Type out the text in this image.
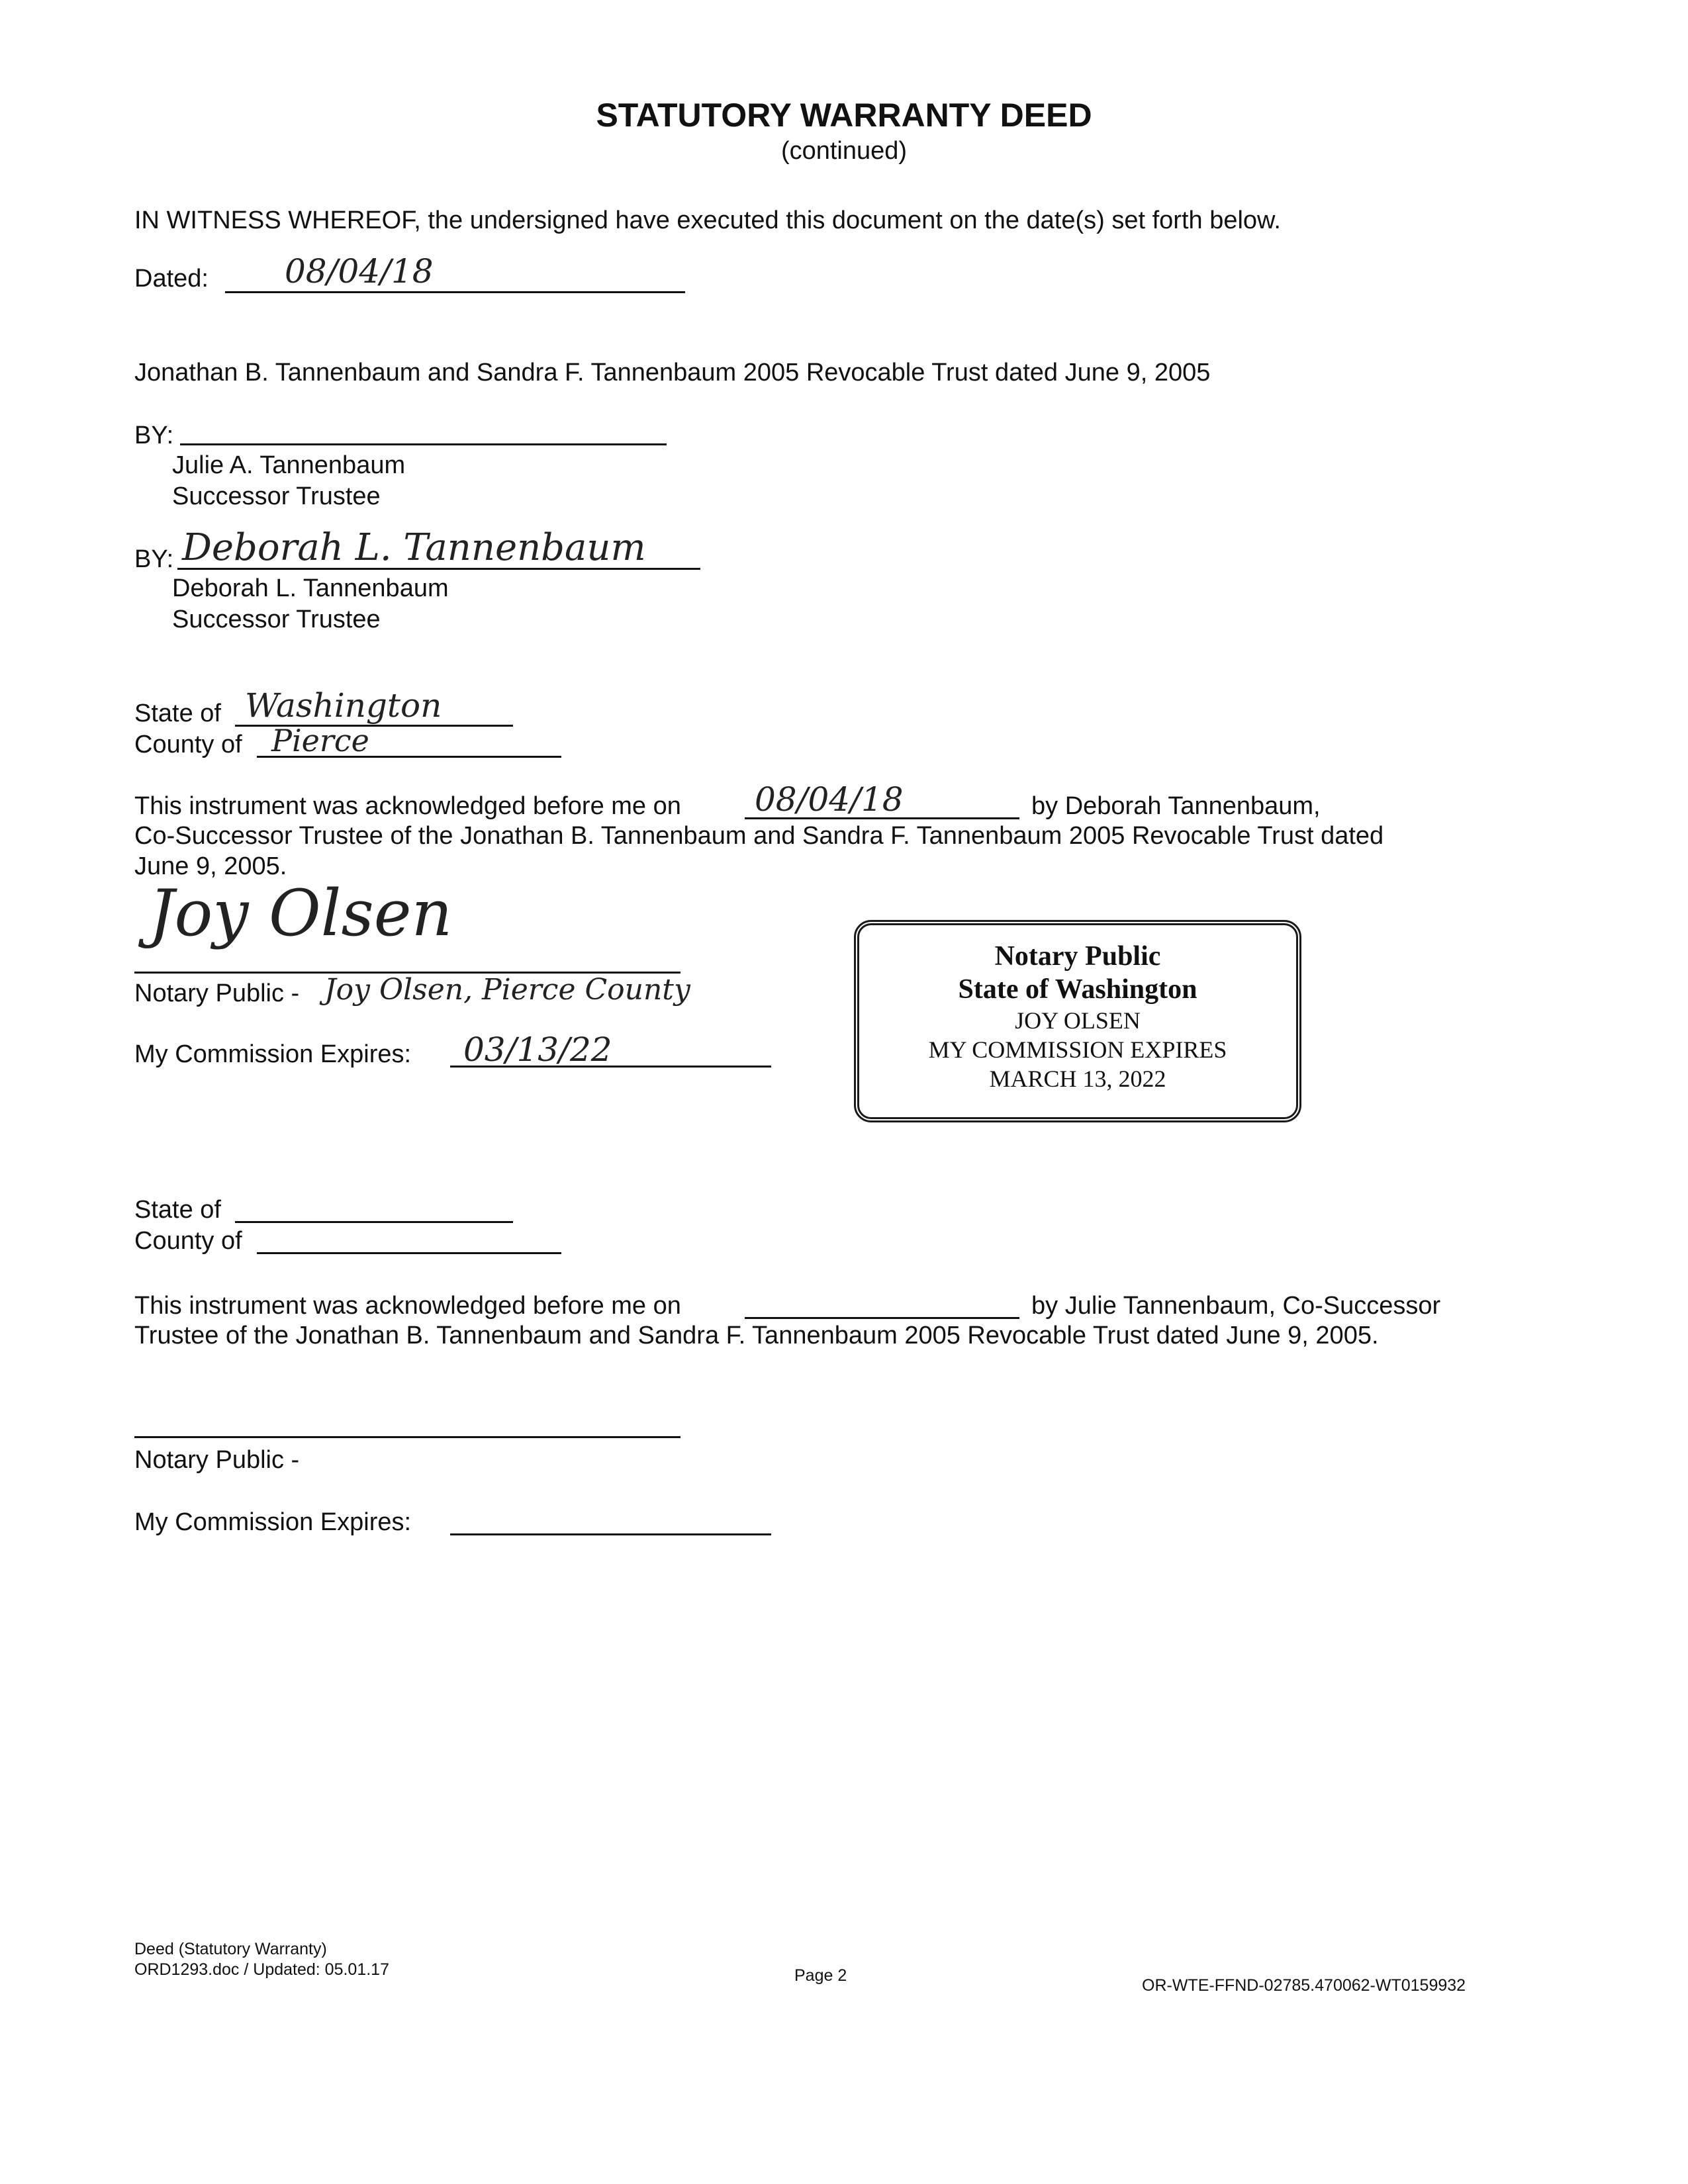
STATUTORY WARRANTY DEED
(continued)
IN WITNESS WHEREOF, the undersigned have executed this document on the date(s) set forth below.
Dated: 08/04/18
Jonathan B. Tannenbaum and Sandra F. Tannenbaum 2005 Revocable Trust dated June 9, 2005
BY:
Julie A. Tannenbaum
Successor Trustee
BY: Deborah L. Tannenbaum
Deborah L. Tannenbaum
Successor Trustee
State of Washington
County of Pierce
This instrument was acknowledged before me on 08/04/18	by Deborah Tannenbaum,
Co-Successor Trustee of the Jonathan B. Tannenbaum and Sandra F. Tannenbaum 2005 Revocable Trust dated
June 9, 2005.
Joy Olsen
Notary Public - Joy Olsen, Pierce County
My Commission Expires: 03/13/22
Notary Public
State of Washington
JOY OLSEN
MY COMMISSION EXPIRES
MARCH 13, 2022
State of
County of
This instrument was acknowledged before me on	by Julie Tannenbaum, Co-Successor
Trustee of the Jonathan B. Tannenbaum and Sandra F. Tannenbaum 2005 Revocable Trust dated June 9, 2005.
Notary Public -
My Commission Expires:
Deed (Statutory Warranty)
ORD1293.doc / Updated: 05.01.17	Page 2
OR-WTE-FFND-02785.470062-WT0159932
